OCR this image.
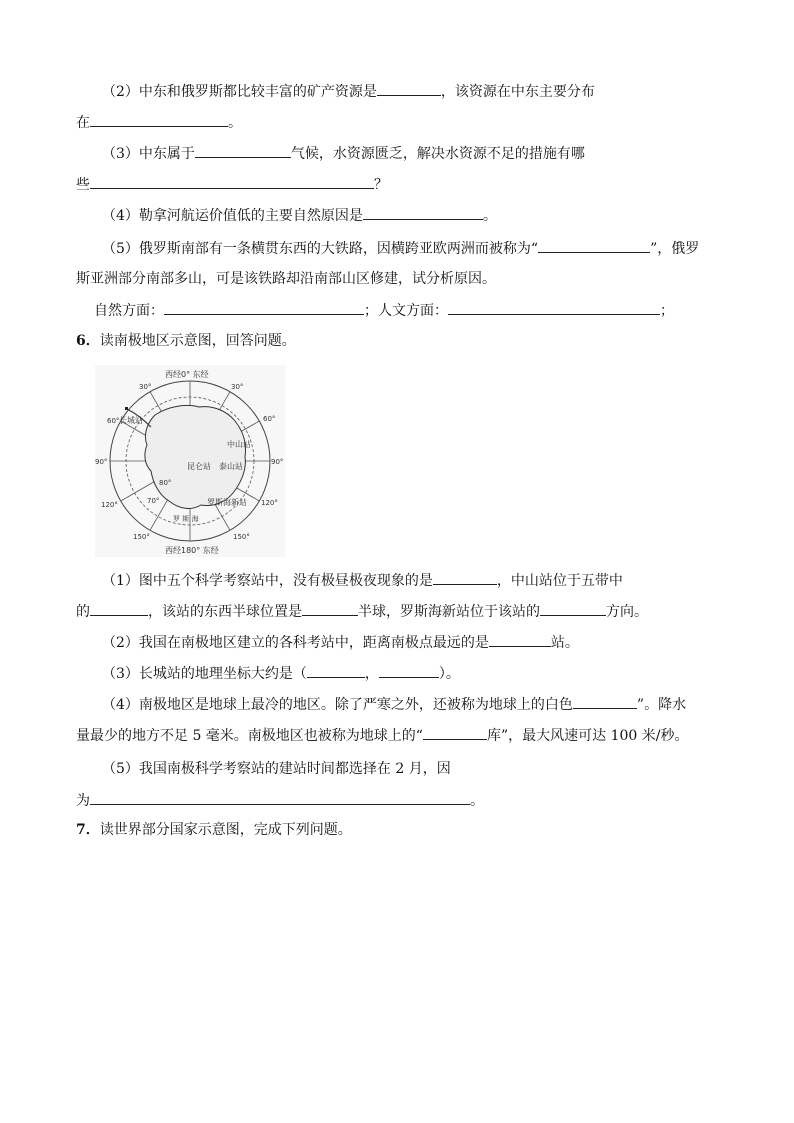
（2）中东和俄罗斯都比较丰富的矿产资源是	，该资源在中东主要分布
在	。
（3）中东属于	气候，水资源匮乏，解决水资源不足的措施有哪
些	？
（4）勒拿河航运价值低的主要自然原因是	。
（5）俄罗斯南部有一条横贯东西的大铁路，因横跨亚欧两洲而被称为“	”，俄罗
斯亚洲部分南部多山，可是该铁路却沿南部山区修建，试分析原因。
自然方面：	；人文方面：	；
6．读南极地区示意图，回答问题。
西经0° 东经
西经180° 东经
30°	30°
60°	60°
90°	90°
120°	120°
150°	150°
70°
80°
长城站
中山站
昆仑站 泰山站
罗斯海新站
罗 斯 海
（1）图中五个科学考察站中，没有极昼极夜现象的是	，中山站位于五带中
的	，该站的东西半球位置是	半球，罗斯海新站位于该站的	方向。
（2）我国在南极地区建立的各科考站中，距离南极点最远的是	站。
（3）长城站的地理坐标大约是（	，	）。
（4）南极地区是地球上最冷的地区。除了严寒之外，还被称为地球上的白色	”。降水
量最少的地方不足 5 毫米。南极地区也被称为地球上的“	库”，最大风速可达 100 米/秒。
（5）我国南极科学考察站的建站时间都选择在 2 月，因
为	。
7．读世界部分国家示意图，完成下列问题。
